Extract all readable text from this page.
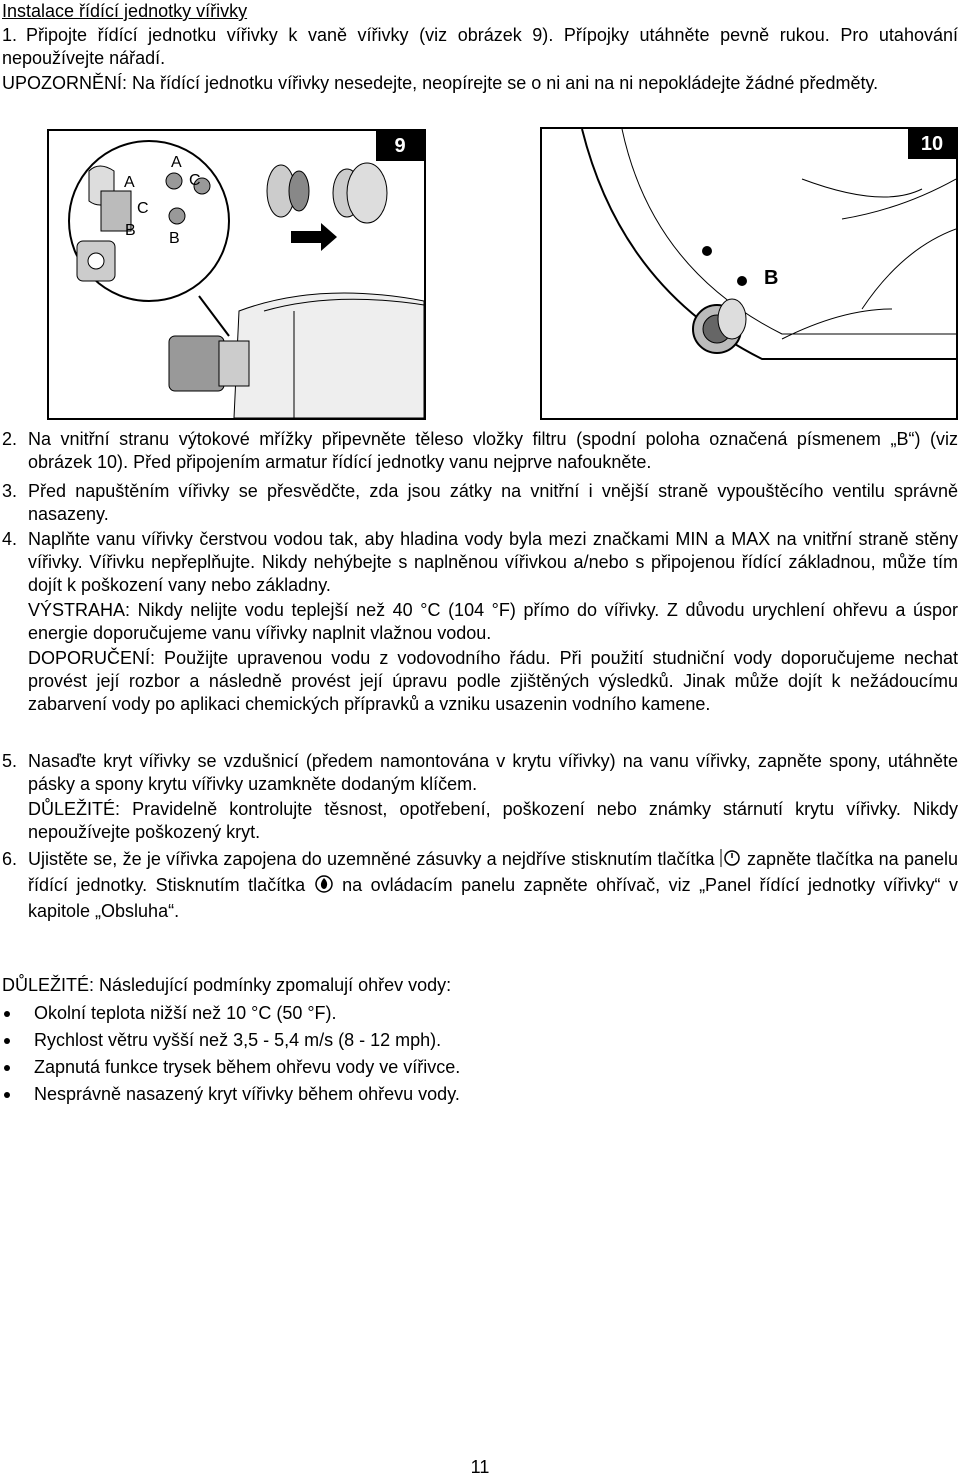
Instalace řídící jednotky vířivky
1. Připojte řídící jednotku vířivky k vaně vířivky (viz obrázek 9). Přípojky utáhněte pevně rukou. Pro utahování nepoužívejte nářadí.
UPOZORNĚNÍ: Na řídící jednotku vířivky nesedejte, neopírejte se o ni ani na ni nepokládejte žádné předměty.
9
A
C
B
A
C
B
10
B
2. Na vnitřní stranu výtokové mřížky připevněte těleso vložky filtru (spodní poloha označená písmenem „B“) (viz obrázek 10). Před připojením armatur řídící jednotky vanu nejprve nafoukněte.
3. Před napuštěním vířivky se přesvědčte, zda jsou zátky na vnitřní i vnější straně vypouštěcího ventilu správně nasazeny.
4. Naplňte vanu vířivky čerstvou vodou tak, aby hladina vody byla mezi značkami MIN a MAX na vnitřní straně stěny vířivky. Vířivku nepřeplňujte. Nikdy nehýbejte s naplněnou vířivkou a/nebo s připojenou řídící základnou, může tím dojít k poškození vany nebo základny.
VÝSTRAHA: Nikdy nelijte vodu teplejší než 40 °C (104 °F) přímo do vířivky. Z důvodu urychlení ohřevu a úspor energie doporučujeme vanu vířivky naplnit vlažnou vodou.
DOPORUČENÍ: Použijte upravenou vodu z vodovodního řádu. Při použití studniční vody doporučujeme nechat provést její rozbor a následně provést její úpravu podle zjištěných výsledků. Jinak může dojít k nežádoucímu zabarvení vody po aplikaci chemických přípravků a vzniku usazenin vodního kamene.
5. Nasaďte kryt vířivky se vzdušnicí (předem namontována v krytu vířivky) na vanu vířivky, zapněte spony, utáhněte pásky a spony krytu vířivky uzamkněte dodaným klíčem.
DŮLEŽITÉ: Pravidelně kontrolujte těsnost, opotřebení, poškození nebo známky stárnutí krytu vířivky. Nikdy nepoužívejte poškozený kryt.
6. Ujistěte se, že je vířivka zapojena do uzemněné zásuvky a nejdříve stisknutím tlačítka  zapněte tlačítka na panelu řídící jednotky. Stisknutím tlačítka  na ovládacím panelu zapněte ohřívač, viz „Panel řídící jednotky vířivky“ v kapitole „Obsluha“.
DŮLEŽITÉ: Následující podmínky zpomalují ohřev vody:
Okolní teplota nižší než 10 °C (50 °F).
Rychlost větru vyšší než 3,5 - 5,4 m/s (8 - 12 mph).
Zapnutá funkce trysek během ohřevu vody ve vířivce.
Nesprávně nasazený kryt vířivky během ohřevu vody.
11
